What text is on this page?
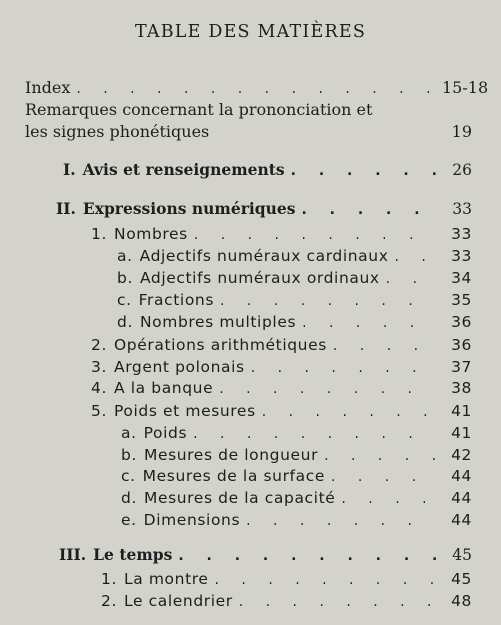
TABLE DES MATIÈRES
Index . . .	15-18
Remarques concernant la prononciation et
les signes phonétiques	19
I. Avis et renseignements . . .	26
II. Expressions numériques . . .	33
1. Nombres . . .	33
a. Adjectifs numéraux cardinaux . . .	33
b. Adjectifs numéraux ordinaux . . .	34
c. Fractions . . .	35
d. Nombres multiples . . .	36
2. Opérations arithmétiques . . .	36
3. Argent polonais . . .	37
4. A la banque . . .	38
5. Poids et mesures . . .	41
a. Poids . . .	41
b. Mesures de longueur . . .	42
c. Mesures de la surface . . .	44
d. Mesures de la capacité . . .	44
e. Dimensions . . .	44
III. Le temps . . .	45
1. La montre . . .	45
2. Le calendrier . . .	48
